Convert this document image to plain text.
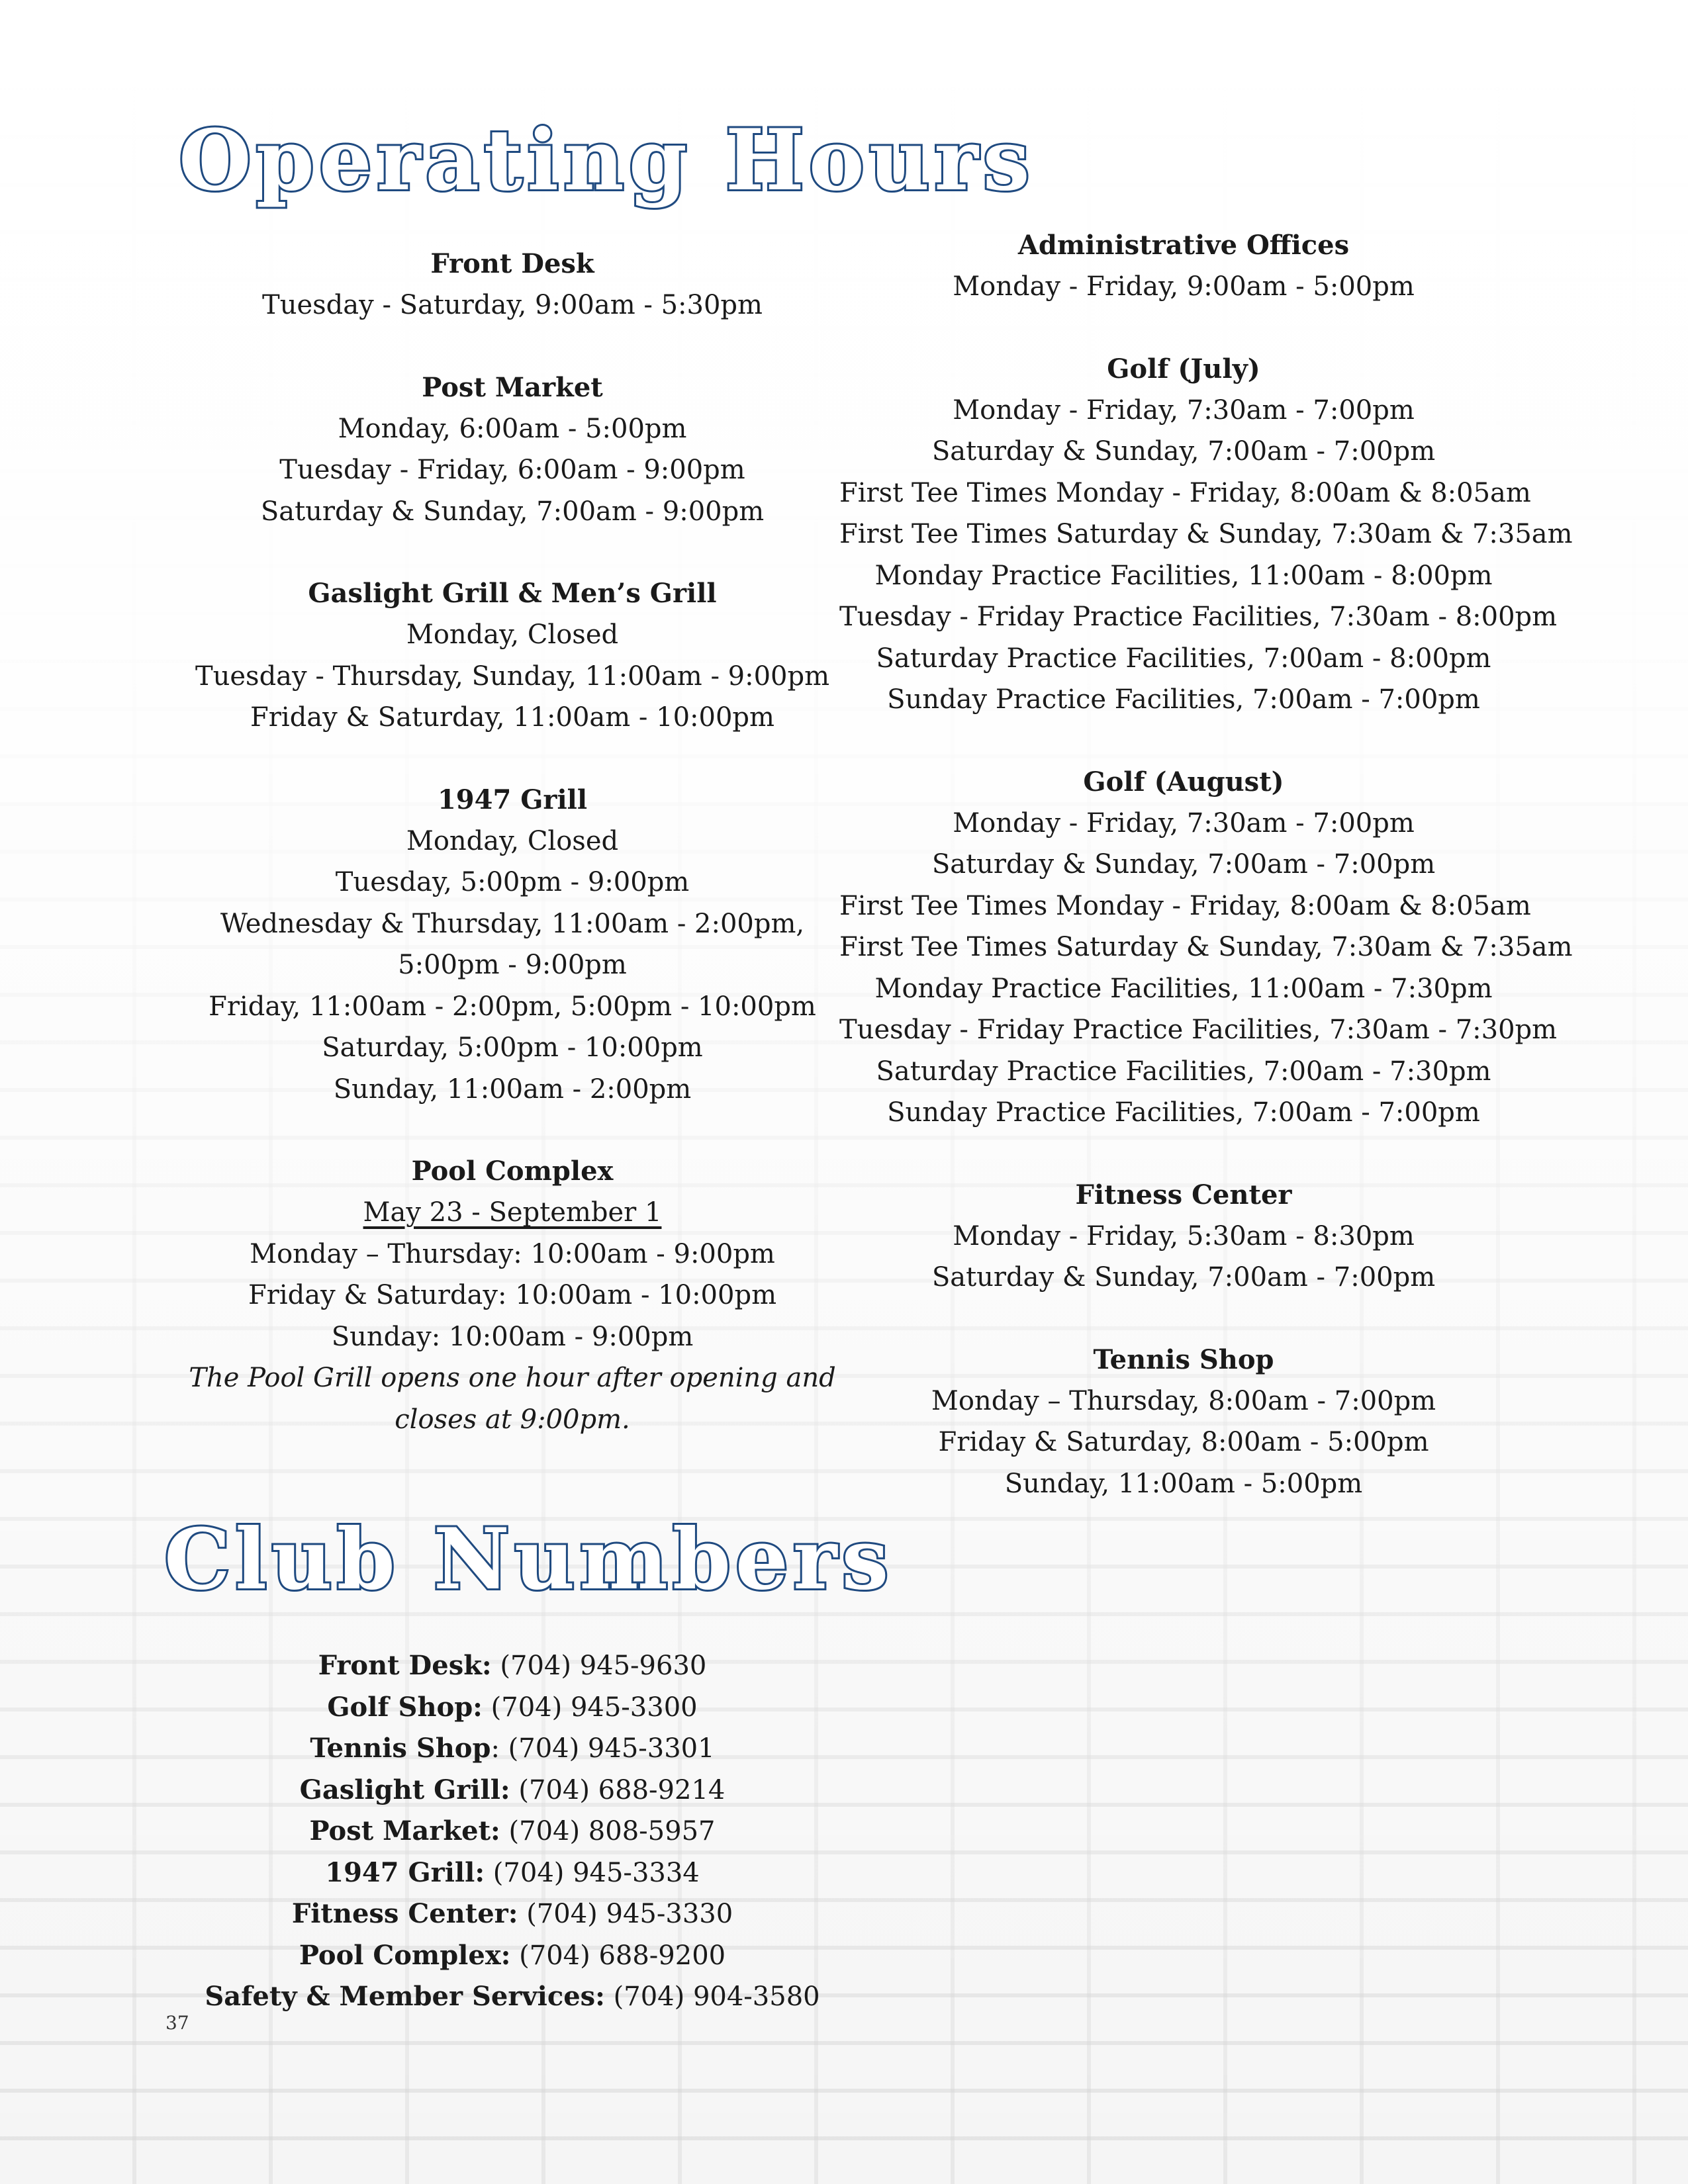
Operating Hours
Front Desk
Tuesday - Saturday, 9:00am - 5:30pm
Post Market
Monday, 6:00am - 5:00pm
Tuesday - Friday, 6:00am - 9:00pm
Saturday & Sunday, 7:00am - 9:00pm
Gaslight Grill & Men’s Grill
Monday, Closed
Tuesday - Thursday, Sunday, 11:00am - 9:00pm
Friday & Saturday, 11:00am - 10:00pm
1947 Grill
Monday, Closed
Tuesday, 5:00pm - 9:00pm
Wednesday & Thursday, 11:00am - 2:00pm,
5:00pm - 9:00pm
Friday, 11:00am - 2:00pm, 5:00pm - 10:00pm
Saturday, 5:00pm - 10:00pm
Sunday, 11:00am - 2:00pm
Pool Complex
May 23 - September 1
Monday – Thursday: 10:00am - 9:00pm
Friday & Saturday: 10:00am - 10:00pm
Sunday: 10:00am - 9:00pm
The Pool Grill opens one hour after opening and closes at 9:00pm.
Administrative Offices
Monday - Friday, 9:00am - 5:00pm
Golf (July)
Monday - Friday, 7:30am - 7:00pm
Saturday & Sunday, 7:00am - 7:00pm
First Tee Times Monday - Friday, 8:00am & 8:05am
First Tee Times Saturday & Sunday, 7:30am & 7:35am
Monday Practice Facilities, 11:00am - 8:00pm
Tuesday - Friday Practice Facilities, 7:30am - 8:00pm
Saturday Practice Facilities, 7:00am - 8:00pm
Sunday Practice Facilities, 7:00am - 7:00pm
Golf (August)
Monday - Friday, 7:30am - 7:00pm
Saturday & Sunday, 7:00am - 7:00pm
First Tee Times Monday - Friday, 8:00am & 8:05am
First Tee Times Saturday & Sunday, 7:30am & 7:35am
Monday Practice Facilities, 11:00am - 7:30pm
Tuesday - Friday Practice Facilities, 7:30am - 7:30pm
Saturday Practice Facilities, 7:00am - 7:30pm
Sunday Practice Facilities, 7:00am - 7:00pm
Fitness Center
Monday - Friday, 5:30am - 8:30pm
Saturday & Sunday, 7:00am - 7:00pm
Tennis Shop
Monday – Thursday, 8:00am - 7:00pm
Friday & Saturday, 8:00am - 5:00pm
Sunday, 11:00am - 5:00pm
Club Numbers
Front Desk: (704) 945-9630
Golf Shop: (704) 945-3300
Tennis Shop: (704) 945-3301
Gaslight Grill: (704) 688-9214
Post Market: (704) 808-5957
1947 Grill: (704) 945-3334
Fitness Center: (704) 945-3330
Pool Complex: (704) 688-9200
Safety & Member Services: (704) 904-3580
37
